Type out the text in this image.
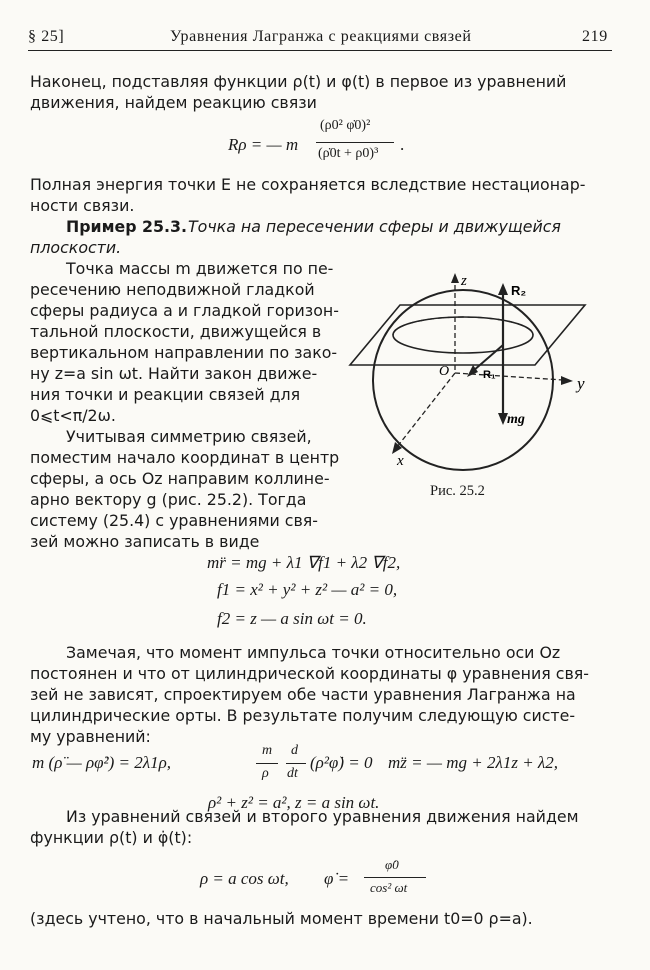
§ 25]	Уравнения Лагранжа с реакциями связей	219
Наконец, подставляя функции ρ(t) и φ(t) в первое из уравнений
движения, найдем реакцию связи
Rρ = — m
(ρ0² φ̇0)²
(ρ̇0t + ρ0)³ .
Полная энергия точки E не сохраняется вследствие нестационар-
ности связи.
Пример 25.3. Точка на пересечении сферы и движущейся
плоскости.
Точка массы m движется по пе-
ресечению неподвижной гладкой
сферы радиуса a и гладкой горизон-
тальной плоскости, движущейся в
вертикальном направлении по зако-
ну z=a sin ωt. Найти закон движе-
ния точки и реакции связей для
0⩽t<π/2ω.
Учитывая симметрию связей,
поместим начало координат в центр
сферы, а ось Oz направим коллине-
арно вектору g (рис. 25.2). Тогда
систему (25.4) с уравнениями свя-
зей можно записать в виде
z
y
x
O
R₂
R₁
mg
Рис. 25.2
mr̈ = mg + λ1 ∇f1 + λ2 ∇f2,
f1 = x² + y² + z² — a² = 0,
f2 = z — a sin ωt = 0.
Замечая, что момент импульса точки относительно оси Oz
постоянен и что от цилиндрической координаты φ уравнения свя-
зей не зависят, спроектируем обе части уравнения Лагранжа на
цилиндрические орты. В результате получим следующую систе-
му уравнений:
m (ρ̈ — ρφ̇²) = 2λ1ρ,
m
ρ
d
dt
(ρ²φ̇) = 0 mz̈ = — mg + 2λ1z + λ2,
ρ² + z² = a², z = a sin ωt.
Из уравнений связей и второго уравнения движения найдем
функции ρ(t) и φ̇(t):
ρ = a cos ωt, φ̇ =
φ̇0
cos² ωt
(здесь учтено, что в начальный момент времени t0=0 ρ=a).
